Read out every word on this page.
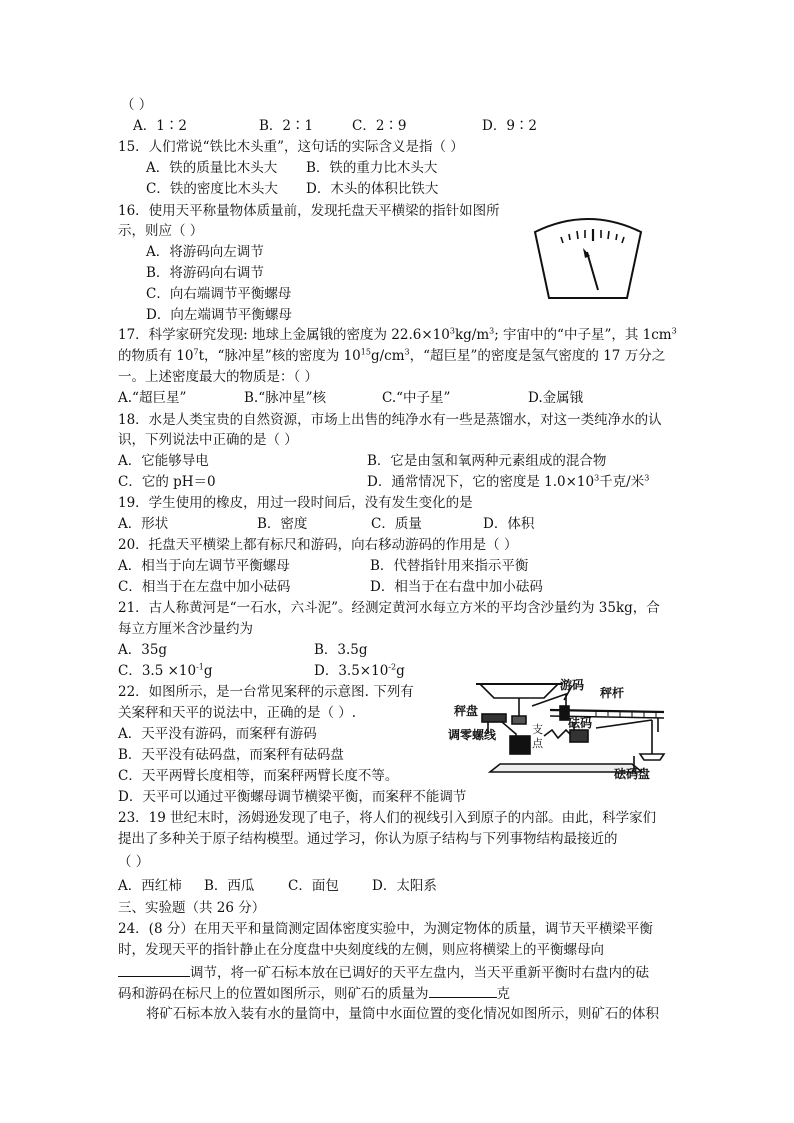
（ ）
A．1∶2	B．2∶1	C．2∶9	D．9∶2
15．人们常说“铁比木头重”，这句话的实际含义是指（ ）
A．铁的质量比木头大 B．铁的重力比木头大
C．铁的密度比木头大 D．木头的体积比铁大
16．使用天平称量物体质量前，发现托盘天平横梁的指针如图所
示，则应（ ）
A．将游码向左调节
B．将游码向右调节
C．向右端调节平衡螺母
D．向左端调节平衡螺母
17．科学家研究发现: 地球上金属锇的密度为 $22.6\times 10^3kg/m^3$; 宇宙中的“中子星”，其 $1cm^3$
的物质有 $10^7t$，“脉冲星”核的密度为 $10^{15}g/cm^3$，“超巨星”的密度是氢气密度的 17 万分之
一。上述密度最大的物质是：（ ）
A.“超巨星”	B.“脉冲星”核	C.“中子星”	D.金属锇
18．水是人类宝贵的自然资源，市场上出售的纯净水有一些是蒸馏水，对这一类纯净水的认
识，下列说法中正确的是（ ）
A．它能够导电	B．它是由氢和氧两种元素组成的混合物
C．它的 pH＝0	D．通常情况下，它的密度是 $1.0\times 10^3$千克/米$^3$
19．学生使用的橡皮，用过一段时间后，没有发生变化的是
A．形状	B．密度	C．质量	D．体积
20．托盘天平横梁上都有标尺和游码，向右移动游码的作用是（ ）
A．相当于向左调节平衡螺母	B．代替指针用来指示平衡
C．相当于在左盘中加小砝码	D．相当于在右盘中加小砝码
21．古人称黄河是“一石水，六斗泥”。经测定黄河水每立方米的平均含沙量约为 35kg，合
每立方厘米含沙量约为
A．35g	B．3.5g
C．$3.5 \times 10^{-1}g$	D．$3.5\times 10^{-2}g$
22．如图所示，是一台常见案秤的示意图. 下列有
关案秤和天平的说法中，正确的是（ ）.
A．天平没有游码，而案秤有游码
B．天平没有砝码盘，而案秤有砝码盘
C．天平两臂长度相等，而案秤两臂长度不等。
D．天平可以通过平衡螺母调节横梁平衡，而案秤不能调节
游码
秤杆
秤盘
砝码
调零螺线	支
点
砝码盘
23．19 世纪末时，汤姆逊发现了电子，将人们的视线引入到原子的内部。由此，科学家们
提出了多种关于原子结构模型。通过学习，你认为原子结构与下列事物结构最接近的
（ ）
A．西红柿 B．西瓜 C．面包 D．太阳系
三、实验题（共 26 分）
24．(8 分）在用天平和量筒测定固体密度实验中，为测定物体的质量，调节天平横梁平衡
时，发现天平的指针静止在分度盘中央刻度线的左侧，则应将横梁上的平衡螺母向
调节，将一矿石标本放在已调好的天平左盘内，当天平重新平衡时右盘内的砝
码和游码在标尺上的位置如图所示，则矿石的质量为	克
将矿石标本放入装有水的量筒中，量筒中水面位置的变化情况如图所示，则矿石的体积
